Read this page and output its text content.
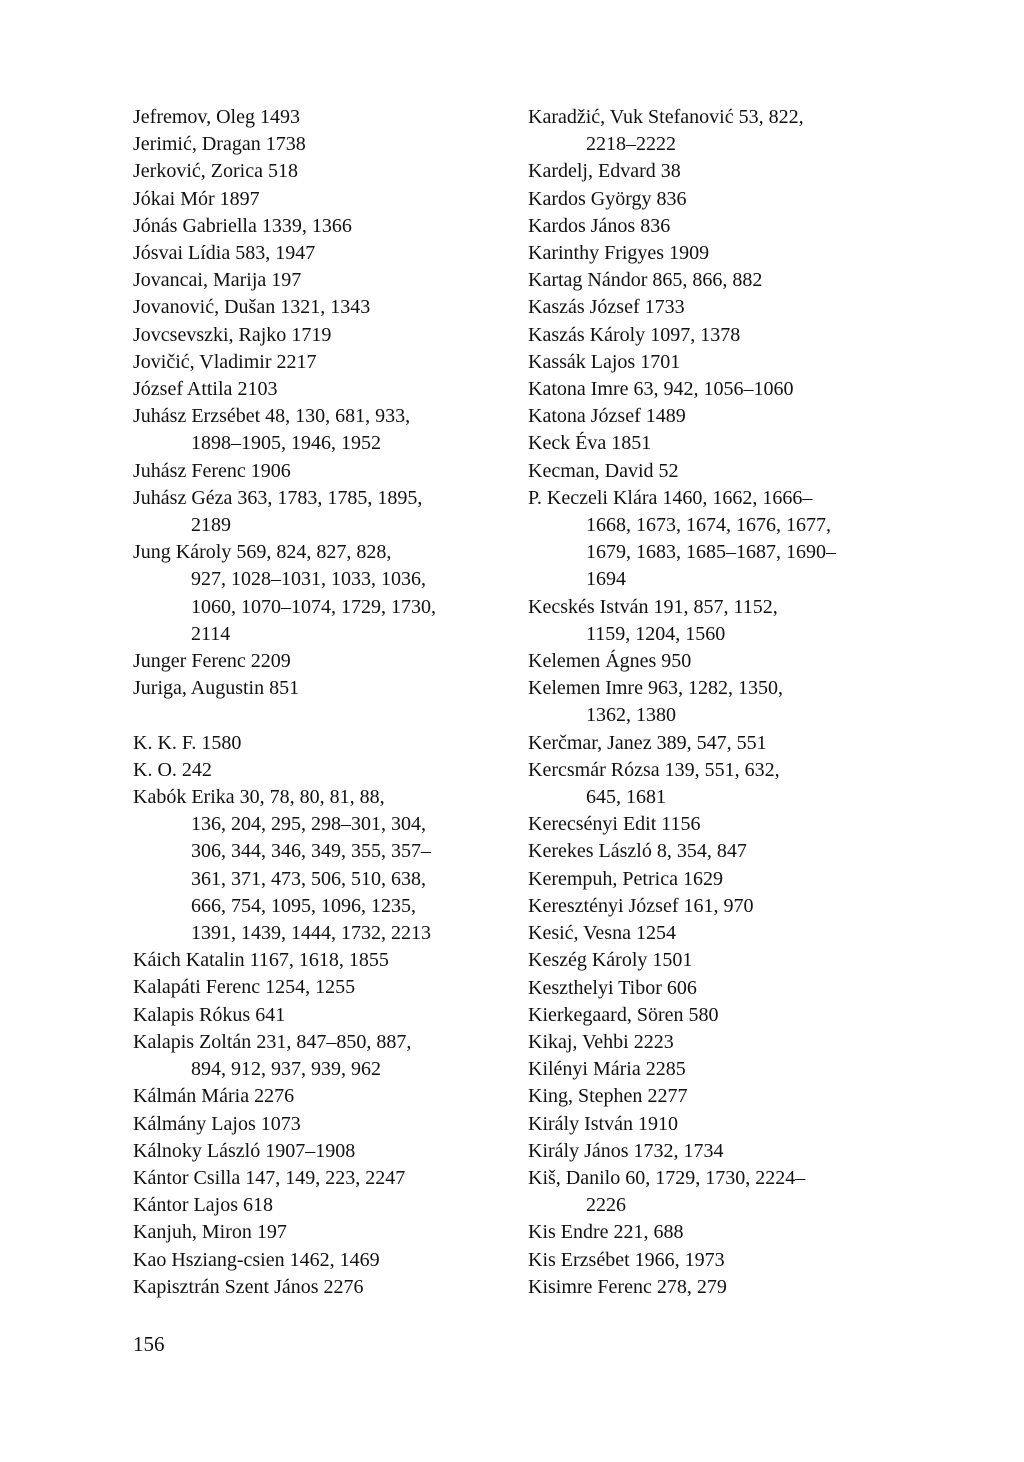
Jefremov, Oleg 1493
Jerimić, Dragan 1738
Jerković, Zorica 518
Jókai Mór 1897
Jónás Gabriella 1339, 1366
Jósvai Lídia 583, 1947
Jovancai, Marija 197
Jovanović, Dušan 1321, 1343
Jovcsevszki, Rajko 1719
Jovičić, Vladimir 2217
József Attila 2103
Juhász Erzsébet 48, 130, 681, 933,
1898–1905, 1946, 1952
Juhász Ferenc 1906
Juhász Géza 363, 1783, 1785, 1895,
2189
Jung Károly 569, 824, 827, 828,
927, 1028–1031, 1033, 1036,
1060, 1070–1074, 1729, 1730,
2114
Junger Ferenc 2209
Juriga, Augustin 851
K. K. F. 1580
K. O. 242
Kabók Erika 30, 78, 80, 81, 88,
136, 204, 295, 298–301, 304,
306, 344, 346, 349, 355, 357–
361, 371, 473, 506, 510, 638,
666, 754, 1095, 1096, 1235,
1391, 1439, 1444, 1732, 2213
Káich Katalin 1167, 1618, 1855
Kalapáti Ferenc 1254, 1255
Kalapis Rókus 641
Kalapis Zoltán 231, 847–850, 887,
894, 912, 937, 939, 962
Kálmán Mária 2276
Kálmány Lajos 1073
Kálnoky László 1907–1908
Kántor Csilla 147, 149, 223, 2247
Kántor Lajos 618
Kanjuh, Miron 197
Kao Hsziang-csien 1462, 1469
Kapisztrán Szent János 2276
Karadžić, Vuk Stefanović 53, 822,
2218–2222
Kardelj, Edvard 38
Kardos György 836
Kardos János 836
Karinthy Frigyes 1909
Kartag Nándor 865, 866, 882
Kaszás József 1733
Kaszás Károly 1097, 1378
Kassák Lajos 1701
Katona Imre 63, 942, 1056–1060
Katona József 1489
Keck Éva 1851
Kecman, David 52
P. Keczeli Klára 1460, 1662, 1666–
1668, 1673, 1674, 1676, 1677,
1679, 1683, 1685–1687, 1690–
1694
Kecskés István 191, 857, 1152,
1159, 1204, 1560
Kelemen Ágnes 950
Kelemen Imre 963, 1282, 1350,
1362, 1380
Kerčmar, Janez 389, 547, 551
Kercsmár Rózsa 139, 551, 632,
645, 1681
Kerecsényi Edit 1156
Kerekes László 8, 354, 847
Kerempuh, Petrica 1629
Keresztényi József 161, 970
Kesić, Vesna 1254
Keszég Károly 1501
Keszthelyi Tibor 606
Kierkegaard, Sören 580
Kikaj, Vehbi 2223
Kilényi Mária 2285
King, Stephen 2277
Király István 1910
Király János 1732, 1734
Kiš, Danilo 60, 1729, 1730, 2224–
2226
Kis Endre 221, 688
Kis Erzsébet 1966, 1973
Kisimre Ferenc 278, 279
156
